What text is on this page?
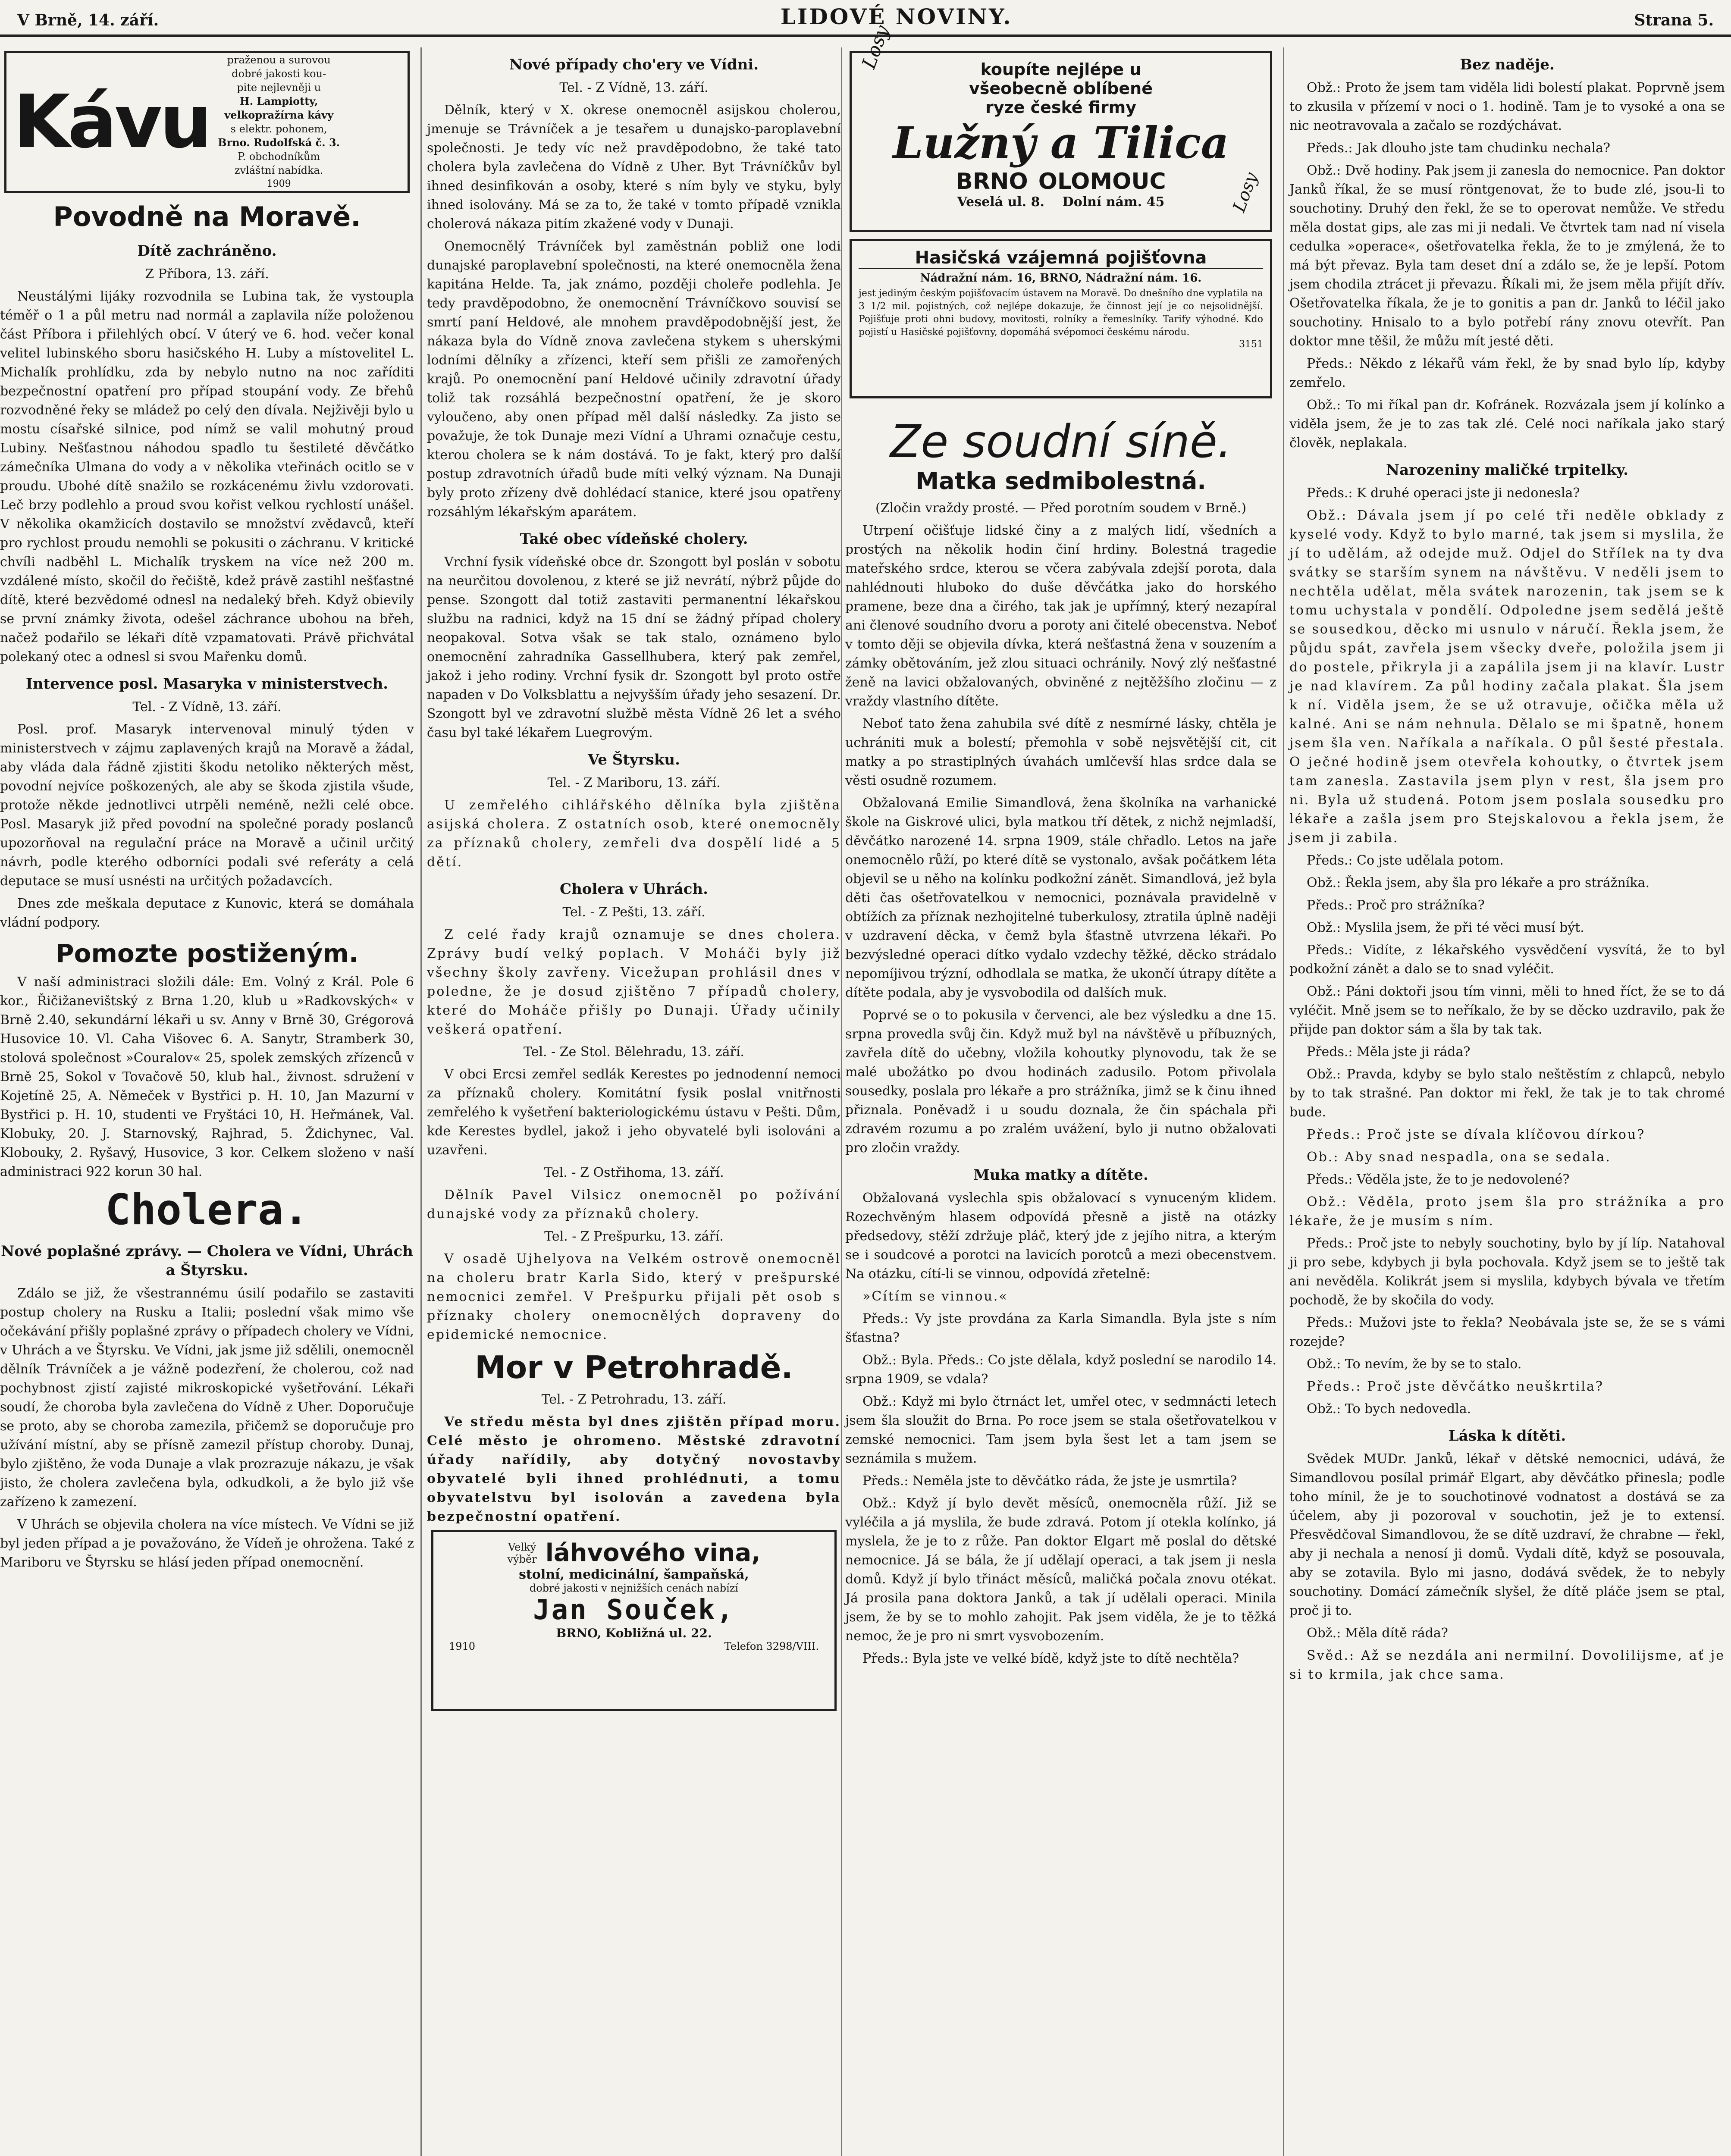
V Brně, 14. září.	LIDOVÉ NOVINY.	Strana 5.
Kávu
praženou a surovou
dobré jakosti kou-
pite nejlevněji u
H. Lampiotty,
velkopražírna kávy
s elektr. pohonem,
Brno. Rudolfská č. 3.
P. obchodníkům
zvláštní nabídka.
1909
Povodně na Moravě.
Dítě zachráněno.

Z Příbora, 13. září.

Neustálými lijáky rozvodnila se Lubina tak, že vystoupla téměř o 1 a půl metru nad normál a zaplavila níže položenou část Příbora i přilehlých obcí. V úterý ve 6. hod. večer konal velitel lubinského sboru hasičského H. Luby a místovelitel L. Michalík prohlídku, zda by nebylo nutno na noc zaříditi bezpečnostní opatření pro případ stoupání vody. Ze břehů rozvodněné řeky se mládež po celý den dívala. Nejživěji bylo u mostu císařské silnice, pod nímž se valil mohutný proud Lubiny. Nešťastnou náhodou spadlo tu šestileté děvčátko zámečníka Ulmana do vody a v několika vteřinách ocitlo se v proudu. Ubohé dítě snažilo se rozkácenému živlu vzdorovati. Leč brzy podlehlo a proud svou kořist velkou rychlostí unášel. V několika okamžicích dostavilo se množství zvědavců, kteří pro rychlost proudu nemohli se pokusiti o záchranu. V kritické chvíli nadběhl L. Michalík tryskem na více než 200 m. vzdálené místo, skočil do řečiště, kdež právě zastihl nešťastné dítě, které bezvědomé odnesl na nedaleký břeh. Když obievily se první známky života, odešel záchrance ubohou na břeh, načež podařilo se lékaři dítě vzpamatovati. Právě přichvátal polekaný otec a odnesl si svou Mařenku domů.

Intervence posl. Masaryka v ministerstvech.

Tel. - Z Vídně, 13. září.

Posl. prof. Masaryk intervenoval minulý týden v ministerstvech v zájmu zaplavených krajů na Moravě a žádal, aby vláda dala řádně zjistiti škodu netoliko některých měst, povodní nejvíce poškozených, ale aby se škoda zjistila všude, protože někde jednotlivci utrpěli neméně, nežli celé obce. Posl. Masaryk již před povodní na společné porady poslanců upozorňoval na regulační práce na Moravě a učinil určitý návrh, podle kterého odborníci podali své referáty a celá deputace se musí usnésti na určitých požadavcích.

Dnes zde meškala deputace z Kunovic, která se domáhala vládní podpory.

Pomozte postiženým.

V naší administraci složili dále: Em. Volný z Král. Pole 6 kor., Řičižanevištský z Brna 1.20, klub u »Radkovských« v Brně 2.40, sekundární lékaři u sv. Anny v Brně 30, Grégorová Husovice 10. Vl. Caha Višovec 6. A. Sanytr, Stramberk 30, stolová společnost »Couralov« 25, spolek zemských zřízenců v Brně 25, Sokol v Tovačově 50, klub hal., živnost. sdružení v Kojetíně 25, A. Němeček v Bystřici p. H. 10, Jan Mazurní v Bystřici p. H. 10, studenti ve Fryštáci 10, H. Heřmánek, Val. Klobuky, 20. J. Starnovský, Rajhrad, 5. Ždichynec, Val. Klobouky, 2. Ryšavý, Husovice, 3 kor. Celkem složeno v naší administraci 922 korun 30 hal.

Cholera.
Nové poplašné zprávy. — Cholera ve Vídni, Uhrách a Štyrsku.

Zdálo se již, že všestrannému úsilí podařilo se zastaviti postup cholery na Rusku a Italii; poslední však mimo vše očekávání přišly poplašné zprávy o případech cholery ve Vídni, v Uhrách a ve Štyrsku. Ve Vídni, jak jsme již sdělili, onemocněl dělník Trávníček a je vážně podezření, že cholerou, což nad pochybnost zjistí zajisté mikroskopické vyšetřování. Lékaři soudí, že choroba byla zavlečena do Vídně z Uher. Doporučuje se proto, aby se choroba zamezila, přičemž se doporučuje pro užívání místní, aby se přísně zamezil přístup choroby. Dunaj, bylo zjištěno, že voda Dunaje a vlak prozrazuje nákazu, je však jisto, že cholera zavlečena byla, odkudkoli, a že bylo již vše zařízeno k zamezení.

V Uhrách se objevila cholera na více místech. Ve Vídni se již byl jeden případ a je považováno, že Vídeň je ohrožena. Také z Mariboru ve Štyrsku se hlásí jeden případ onemocnění.

Nové případy cho'ery ve Vídni.

Tel. - Z Vídně, 13. září.

Dělník, který v X. okrese onemocněl asijskou cholerou, jmenuje se Trávníček a je tesařem u dunajsko-paroplavební společnosti. Je tedy víc než pravděpodobno, že také tato cholera byla zavlečena do Vídně z Uher. Byt Trávníčkův byl ihned desinfikován a osoby, které s ním byly ve styku, byly ihned isolovány. Má se za to, že také v tomto případě vznikla cholerová nákaza pitím zkažené vody v Dunaji.

Onemocnělý Trávníček byl zaměstnán pobliž one lodi dunajské paroplavební společnosti, na které onemocněla žena kapitána Helde. Ta, jak známo, později choleře podlehla. Je tedy pravděpodobno, že onemocnění Trávníčkovo souvisí se smrtí paní Heldové, ale mnohem pravděpodobnější jest, že nákaza byla do Vídně znova zavlečena stykem s uherskými lodními dělníky a zřízenci, kteří sem přišli ze zamořených krajů. Po onemocnění paní Heldové učinily zdravotní úřady toliž tak rozsáhlá bezpečnostní opatření, že je skoro vyloučeno, aby onen případ měl další následky. Za jisto se považuje, že tok Dunaje mezi Vídní a Uhrami označuje cestu, kterou cholera se k nám dostává. To je fakt, který pro další postup zdravotních úřadů bude míti velký význam. Na Dunaji byly proto zřízeny dvě dohlédací stanice, které jsou opatřeny rozsáhlým lékařským aparátem.

Také obec vídeňské cholery.

Vrchní fysik vídeňské obce dr. Szongott byl poslán v sobotu na neurčitou dovolenou, z které se již nevrátí, nýbrž půjde do pense. Szongott dal totiž zastaviti permanentní lékařskou službu na radnici, když na 15 dní se žádný případ cholery neopakoval. Sotva však se tak stalo, oznámeno bylo onemocnění zahradníka Gassellhubera, který pak zemřel, jakož i jeho rodiny. Vrchní fysik dr. Szongott byl proto ostře napaden v Do Volksblattu a nejvyšším úřady jeho sesazení. Dr. Szongott byl ve zdravotní službě města Vídně 26 let a svého času byl také lékařem Luegrovým.

Ve Štyrsku.

Tel. - Z Mariboru, 13. září.

U zemřelého cihlářského dělníka byla zjištěna asijská cholera. Z ostatních osob, které onemocněly za příznaků cholery, zemřeli dva dospělí lidé a 5 dětí.

Cholera v Uhrách.

Tel. - Z Pešti, 13. září.

Z celé řady krajů oznamuje se dnes cholera. Zprávy budí velký poplach. V Moháči byly již všechny školy zavřeny. Vicežupan prohlásil dnes v poledne, že je dosud zjištěno 7 případů cholery, které do Moháče přišly po Dunaji. Úřady učinily veškerá opatření.

Tel. - Ze Stol. Bělehradu, 13. září.

V obci Ercsi zemřel sedlák Kerestes po jednodenní nemoci za příznaků cholery. Komitátní fysik poslal vnitřnosti zemřelého k vyšetření bakteriologickému ústavu v Pešti. Dům, kde Kerestes bydlel, jakož i jeho obyvatelé byli isolováni a uzavřeni.

Tel. - Z Ostřihoma, 13. září.

Dělník Pavel Vilsicz onemocněl po požívání dunajské vody za příznaků cholery.

Tel. - Z Prešpurku, 13. září.

V osadě Ujhelyova na Velkém ostrově onemocněl na choleru bratr Karla Sido, který v prešpurské nemocnici zemřel. V Prešpurku přijali pět osob s příznaky cholery onemocnělých dopraveny do epidemické nemocnice.

Mor v Petrohradě.

Tel. - Z Petrohradu, 13. září.

Ve středu města byl dnes zjištěn případ moru. Celé město je ohromeno. Městské zdravotní úřady nařídily, aby dotyčný novostavby obyvatelé byli ihned prohlédnuti, a tomu obyvatelstvu byl isolován a zavedena byla bezpečnostní opatření.

Velký
výběr láhvového vina,
stolní, medicinální, šampaňská,
dobré jakosti v nejnižších cenách nabízí
Jan Souček,
BRNO, Kobližná ul. 22.
1910	Telefon 3298/VIII.
Losy	koupíte nejlépe u
všeobecně oblíbené
ryze české firmy
Lužný a Tilica
BRNO OLOMOUC
Veselá ul. 8. Dolní nám. 45	Losy
Hasičská vzájemná pojišťovna
Nádražní nám. 16, BRNO, Nádražní nám. 16.
jest jediným českým pojišťovacím ústavem na Moravě. Do dnešního dne vyplatila na 3 1/2 mil. pojistných, což nejlépe dokazuje, že činnost její je co nejsolidnější. Pojišťuje proti ohni budovy, movitosti, rolníky a řemeslníky. Tarify výhodné. Kdo pojistí u Hasičské pojišťovny, dopomáhá svépomoci českému národu.
3151
Ze soudní síně.
Matka sedmibolestná.

(Zločin vraždy prosté. — Před porotním soudem v Brně.)

Utrpení očišťuje lidské činy a z malých lidí, všedních a prostých na několik hodin činí hrdiny. Bolestná tragedie mateřského srdce, kterou se včera zabývala zdejší porota, dala nahlédnouti hluboko do duše děvčátka jako do horského pramene, beze dna a čirého, tak jak je upřímný, který nezapíral ani členové soudního dvoru a poroty ani čitelé obecenstva. Neboť v tomto ději se objevila dívka, která nešťastná žena v souzením a zámky obětováním, jež zlou situaci ochránily. Nový zlý nešťastné ženě na lavici obžalovaných, obviněné z nejtěžšího zločinu — z vraždy vlastního dítěte.

Neboť tato žena zahubila své dítě z nesmírné lásky, chtěla je uchrániti muk a bolestí; přemohla v sobě nejsvětější cit, cit matky a po strastiplných úvahách umlčevší hlas srdce dala se věsti osudně rozumem.

Obžalovaná Emilie Simandlová, žena školníka na varhanické škole na Giskrové ulici, byla matkou tří dětek, z nichž nejmladší, děvčátko narozené 14. srpna 1909, stále chřadlo. Letos na jaře onemocnělo růží, po které dítě se vystonalo, avšak počátkem léta objevil se u něho na kolínku podkožní zánět. Simandlová, jež byla děti čas ošetřovatelkou v nemocnici, poznávala pravidelně v obtížích za příznak nezhojitelné tuberkulosy, ztratila úplně naději v uzdravení děcka, v čemž byla šťastně utvrzena lékaři. Po bezvýsledné operaci dítko vydalo vzdechy těžké, děcko strádalo nepomíjivou trýzní, odhodlala se matka, že ukončí útrapy dítěte a dítěte podala, aby je vysvobodila od dalších muk.

Poprvé se o to pokusila v červenci, ale bez výsledku a dne 15. srpna provedla svůj čin. Když muž byl na návštěvě u příbuzných, zavřela dítě do učebny, vložila kohoutky plynovodu, tak že se malé ubožátko po dvou hodinách zadusilo. Potom přivolala sousedky, poslala pro lékaře a pro strážníka, jimž se k činu ihned přiznala. Poněvadž i u soudu doznala, že čin spáchala při zdravém rozumu a po zralém uvážení, bylo ji nutno obžalovati pro zločin vraždy.

Muka matky a dítěte.

Obžalovaná vyslechla spis obžalovací s vynuceným klidem. Rozechvěným hlasem odpovídá přesně a jistě na otázky předsedovy, stěží zdržuje pláč, který jde z jejího nitra, a kterým se i soudcové a porotci na lavicích porotců a mezi obecenstvem. Na otázku, cítí-li se vinnou, odpovídá zřetelně:

»Cítím se vinnou.«

Předs.: Vy jste provdána za Karla Simandla. Byla jste s ním šťastna?

Obž.: Byla. Předs.: Co jste dělala, když poslední se narodilo 14. srpna 1909, se vdala?

Obž.: Když mi bylo čtrnáct let, umřel otec, v sedmnácti letech jsem šla sloužit do Brna. Po roce jsem se stala ošetřovatelkou v zemské nemocnici. Tam jsem byla šest let a tam jsem se seznámila s mužem.

Předs.: Neměla jste to děvčátko ráda, že jste je usmrtila?

Obž.: Když jí bylo devět měsíců, onemocněla růží. Již se vyléčila a já myslila, že bude zdravá. Potom jí otekla kolínko, já myslela, že je to z růže. Pan doktor Elgart mě poslal do dětské nemocnice. Já se bála, že jí udělají operaci, a tak jsem ji nesla domů. Když jí bylo třináct měsíců, maličká počala znovu otékat. Já prosila pana doktora Janků, a tak jí udělali operaci. Minila jsem, že by se to mohlo zahojit. Pak jsem viděla, že je to těžká nemoc, že je pro ni smrt vysvobozením.

Předs.: Byla jste ve velké bídě, když jste to dítě nechtěla?

Bez naděje.

Obž.: Proto že jsem tam viděla lidi bolestí plakat. Poprvně jsem to zkusila v přízemí v noci o 1. hodině. Tam je to vysoké a ona se nic neotravovala a začalo se rozdýchávat.

Předs.: Jak dlouho jste tam chudinku nechala?

Obž.: Dvě hodiny. Pak jsem ji zanesla do nemocnice. Pan doktor Janků říkal, že se musí röntgenovat, že to bude zlé, jsou-li to souchotiny. Druhý den řekl, že se to operovat nemůže. Ve středu měla dostat gips, ale zas mi ji nedali. Ve čtvrtek tam nad ní visela cedulka »operace«, ošetřovatelka řekla, že to je zmýlená, že to má být převaz. Byla tam deset dní a zdálo se, že je lepší. Potom jsem chodila ztrácet ji převazu. Říkali mi, že jsem měla přijít dřív. Ošetřovatelka říkala, že je to gonitis a pan dr. Janků to léčil jako souchotiny. Hnisalo to a bylo potřebí rány znovu otevřít. Pan doktor mne těšil, že můžu mít jesté děti.

Předs.: Někdo z lékařů vám řekl, že by snad bylo líp, kdyby zemřelo.

Obž.: To mi říkal pan dr. Kofránek. Rozvázala jsem jí kolínko a viděla jsem, že je to zas tak zlé. Celé noci naříkala jako starý člověk, neplakala.

Narozeniny maličké trpitelky.

Předs.: K druhé operaci jste ji nedonesla?

Obž.: Dávala jsem jí po celé tři neděle obklady z kyselé vody. Když to bylo marné, tak jsem si myslila, že jí to udělám, až odejde muž. Odjel do Střílek na ty dva svátky se starším synem na návštěvu. V neděli jsem to nechtěla udělat, měla svátek narozenin, tak jsem se k tomu uchystala v pondělí. Odpoledne jsem sedělá ještě se sousedkou, děcko mi usnulo v náručí. Řekla jsem, že půjdu spát, zavřela jsem všecky dveře, položila jsem ji do postele, přikryla ji a zapálila jsem ji na klavír. Lustr je nad klavírem. Za půl hodiny začala plakat. Šla jsem k ní. Viděla jsem, že se už otravuje, očička měla už kalné. Ani se nám nehnula. Dělalo se mi špatně, honem jsem šla ven. Naříkala a naříkala. O půl šesté přestala. O ječné hodině jsem otevřela kohoutky, o čtvrtek jsem tam zanesla. Zastavila jsem plyn v rest, šla jsem pro ni. Byla už studená. Potom jsem poslala sousedku pro lékaře a zašla jsem pro Stejskalovou a řekla jsem, že jsem ji zabila.

Předs.: Co jste udělala potom.

Obž.: Řekla jsem, aby šla pro lékaře a pro strážníka.

Předs.: Proč pro strážníka?

Obž.: Myslila jsem, že při té věci musí být.

Předs.: Vidíte, z lékařského vysvědčení vysvítá, že to byl podkožní zánět a dalo se to snad vyléčit.

Obž.: Páni doktoři jsou tím vinni, měli to hned říct, že se to dá vyléčit. Mně jsem se to neříkalo, že by se děcko uzdravilo, pak že přijde pan doktor sám a šla by tak tak.

Předs.: Měla jste ji ráda?

Obž.: Pravda, kdyby se bylo stalo neštěstím z chlapců, nebylo by to tak strašné. Pan doktor mi řekl, že tak je to tak chromé bude.

Předs.: Proč jste se dívala klíčovou dírkou?

Ob.: Aby snad nespadla, ona se sedala.

Předs.: Věděla jste, že to je nedovolené?

Obž.: Věděla, proto jsem šla pro strážníka a pro lékaře, že je musím s ním.

Předs.: Proč jste to nebyly souchotiny, bylo by jí líp. Natahoval ji pro sebe, kdybych ji byla pochovala. Když jsem se to ještě tak ani nevěděla. Kolikrát jsem si myslila, kdybych bývala ve třetím pochodě, že by skočila do vody.

Předs.: Mužovi jste to řekla? Neobávala jste se, že se s vámi rozejde?

Obž.: To nevím, že by se to stalo.

Předs.: Proč jste děvčátko neuškrtila?

Obž.: To bych nedovedla.

Láska k dítěti.

Svědek MUDr. Janků, lékař v dětské nemocnici, udává, že Simandlovou posílal primář Elgart, aby děvčátko přinesla; podle toho mínil, že je to souchotinové vodnatost a dostává se za účelem, aby ji pozoroval v souchotin, jež je to extensí. Přesvědčoval Simandlovou, že se dítě uzdraví, že chrabne — řekl, aby ji nechala a nenosí ji domů. Vydali dítě, když se posouvala, aby se zotavila. Bylo mi jasno, dodává svědek, že to nebyly souchotiny. Domácí zámečník slyšel, že dítě pláče jsem se ptal, proč ji to.

Obž.: Měla dítě ráda?

Svěd.: Až se nezdála ani nermilní. Dovolilijsme, ať je si to krmila, jak chce sama.
